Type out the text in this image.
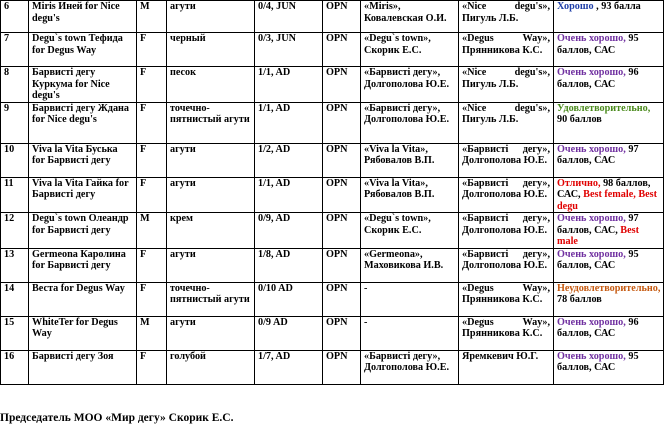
6	Miris Иней for Nice degu's	M	агути	0/4, JUN	OPN	«Miris», Ковалевская О.И.	«Nice degu's», Пигуль Л.Б.	Хорошо , 93 балла
7	Degu`s town Тефида for Degus Way	F	черный	0/3, JUN	OPN	«Degu`s town», Скорик Е.С.	«Degus Way», Прянникова К.С.	Очень хорошо, 95 баллов, САС
8	Барвисті дегу Куркума for Nice degu's	F	песок	1/1, AD	OPN	«Барвисті дегу», Долгополова Ю.Е.	«Nice degu's», Пигуль Л.Б.	Очень хорошо, 96 баллов, САС
9	Барвисті дегу Ждана for Nice degu's	F	точечно-пятнистый агути	1/1, AD	OPN	«Барвисті дегу», Долгополова Ю.Е.	«Nice degu's», Пигуль Л.Б.	Удовлетворительно, 90 баллов
10	Viva la Vita Буська for Барвисті дегу	F	агути	1/2, AD	OPN	«Viva la Vita», Рябовалов В.П.	«Барвисті дегу», Долгополова Ю.Е.	Очень хорошо, 97 баллов, САС
11	Viva la Vita Гайка for Барвисті дегу	F	агути	1/1, AD	OPN	«Viva la Vita», Рябовалов В.П.	«Барвисті дегу», Долгополова Ю.Е.	Отлично, 98 баллов, САС, Best female, Best degu
12	Degu`s town Олеандр for Барвисті дегу	M	крем	0/9, AD	OPN	«Degu`s town», Скорик Е.С.	«Барвисті дегу», Долгополова Ю.Е.	Очень хорошо, 97 баллов, САС, Best male
13	Germeona Каролина for Барвисті дегу	F	агути	1/8, AD	OPN	«Germeona», Маховикова И.В.	«Барвисті дегу», Долгополова Ю.Е.	Очень хорошо, 95 баллов, САС
14	Веста for Degus Way	F	точечно-пятнистый агути	0/10 AD	OPN	-	«Degus Way», Прянникова К.С.	Неудовлетворительно, 78 баллов
15	WhiteTer for Degus Way	M	агути	0/9 AD	OPN	-	«Degus Way», Прянникова К.С.	Очень хорошо, 96 баллов, САС
16	Барвисті дегу Зоя	F	голубой	1/7, AD	OPN	«Барвисті дегу», Долгополова Ю.Е.	Яремкевич Ю.Г.	Очень хорошо, 95 баллов, САС
Председатель МОО «Мир дегу» Скорик Е.С.
